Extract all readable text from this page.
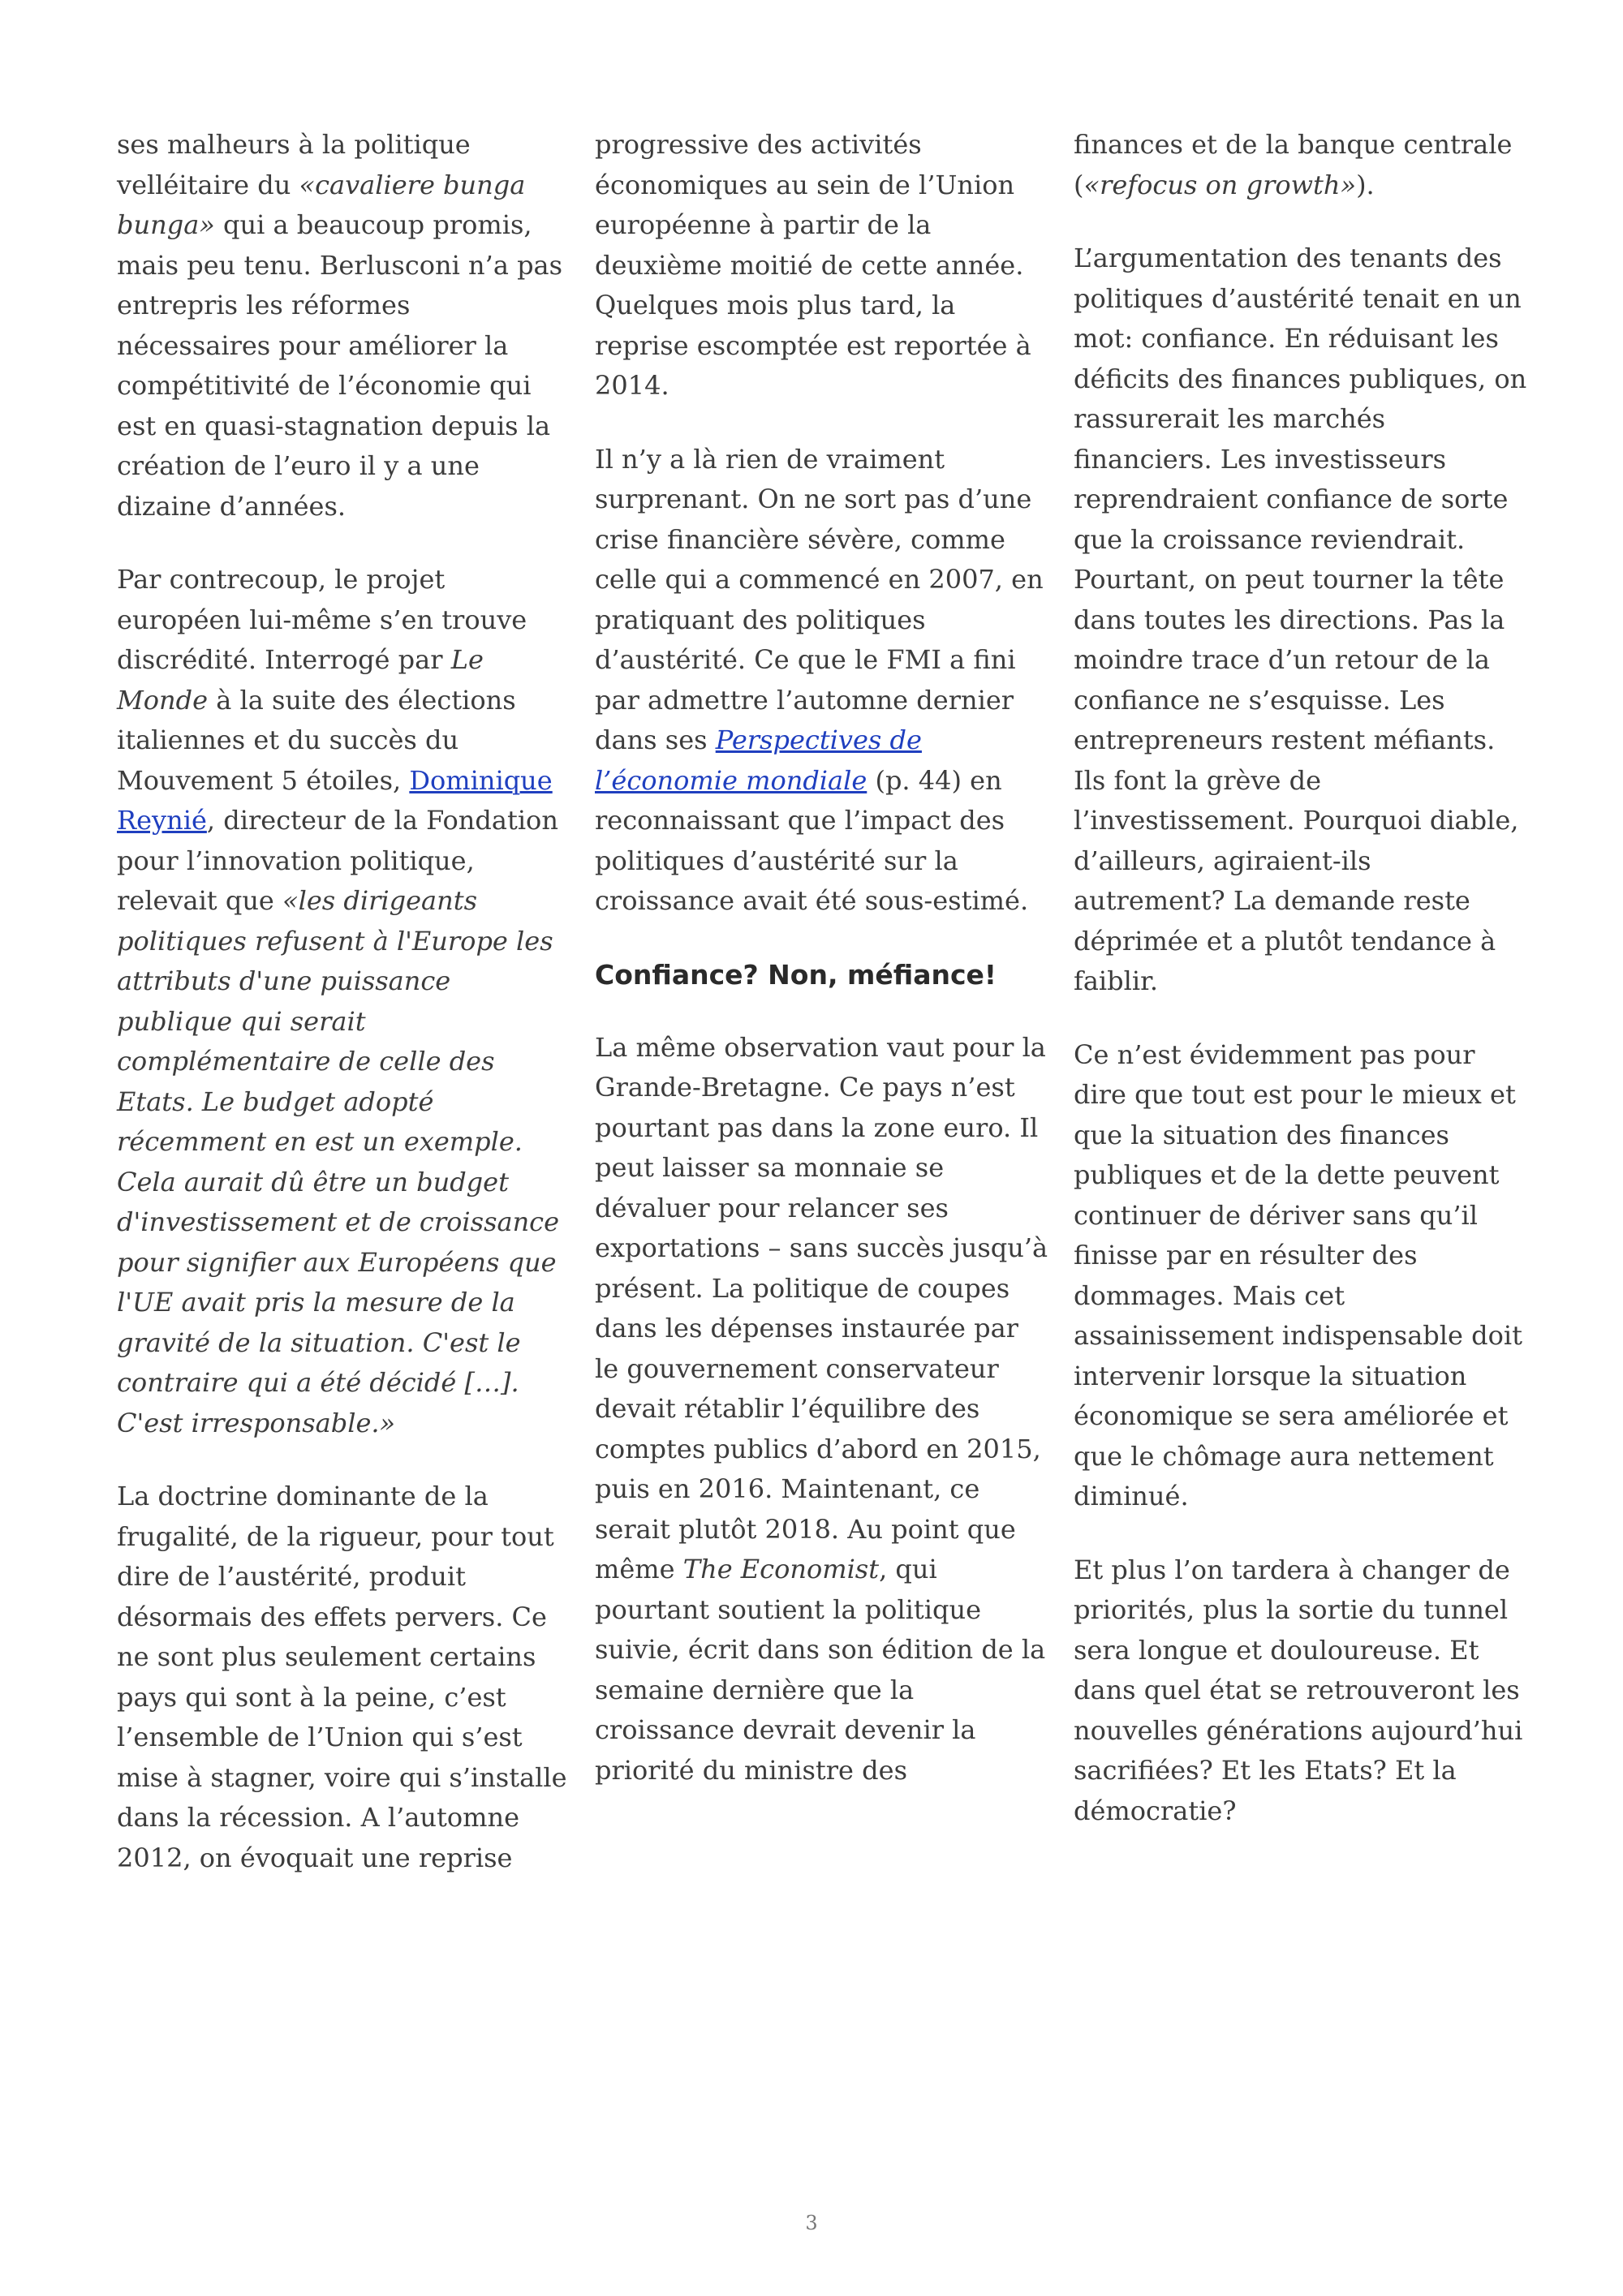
ses malheurs à la politique velléitaire du «cavaliere bunga bunga» qui a beaucoup promis, mais peu tenu. Berlusconi n’a pas entrepris les réformes nécessaires pour améliorer la compétitivité de l’économie qui est en quasi-stagnation depuis la création de l’euro il y a une dizaine d’années.

Par contrecoup, le projet européen lui-même s’en trouve discrédité. Interrogé par Le Monde à la suite des élections italiennes et du succès du Mouvement 5 étoiles, Dominique Reynié, directeur de la Fondation pour l’innovation politique, relevait que «les dirigeants politiques refusent à l'Europe les attributs d'une puissance publique qui serait complémentaire de celle des Etats. Le budget adopté récemment en est un exemple. Cela aurait dû être un budget d'investissement et de croissance pour signifier aux Européens que l'UE avait pris la mesure de la gravité de la situation. C'est le contraire qui a été décidé […]. C'est irresponsable.»

La doctrine dominante de la frugalité, de la rigueur, pour tout dire de l’austérité, produit désormais des effets pervers. Ce ne sont plus seulement certains pays qui sont à la peine, c’est l’ensemble de l’Union qui s’est mise à stagner, voire qui s’installe dans la récession. A l’automne 2012, on évoquait une reprise

progressive des activités économiques au sein de l’Union européenne à partir de la deuxième moitié de cette année. Quelques mois plus tard, la reprise escomptée est reportée à 2014.

Il n’y a là rien de vraiment surprenant. On ne sort pas d’une crise financière sévère, comme celle qui a commencé en 2007, en pratiquant des politiques d’austérité. Ce que le FMI a fini par admettre l’automne dernier dans ses Perspectives de l’économie mondiale (p. 44) en reconnaissant que l’impact des politiques d’austérité sur la croissance avait été sous-estimé.

Confiance? Non, méfiance!

La même observation vaut pour la Grande-Bretagne. Ce pays n’est pourtant pas dans la zone euro. Il peut laisser sa monnaie se dévaluer pour relancer ses exportations – sans succès jusqu’à présent. La politique de coupes dans les dépenses instaurée par le gouvernement conservateur devait rétablir l’équilibre des comptes publics d’abord en 2015, puis en 2016. Maintenant, ce serait plutôt 2018. Au point que même The Economist, qui pourtant soutient la politique suivie, écrit dans son édition de la semaine dernière que la croissance devrait devenir la priorité du ministre des

finances et de la banque centrale («refocus on growth»).

L’argumentation des tenants des politiques d’austérité tenait en un mot: confiance. En réduisant les déficits des finances publiques, on rassurerait les marchés financiers. Les investisseurs reprendraient confiance de sorte que la croissance reviendrait. Pourtant, on peut tourner la tête dans toutes les directions. Pas la moindre trace d’un retour de la confiance ne s’esquisse. Les entrepreneurs restent méfiants. Ils font la grève de l’investissement. Pourquoi diable, d’ailleurs, agiraient-ils autrement? La demande reste déprimée et a plutôt tendance à faiblir.

Ce n’est évidemment pas pour dire que tout est pour le mieux et que la situation des finances publiques et de la dette peuvent continuer de dériver sans qu’il finisse par en résulter des dommages. Mais cet assainissement indispensable doit intervenir lorsque la situation économique se sera améliorée et que le chômage aura nettement diminué.

Et plus l’on tardera à changer de priorités, plus la sortie du tunnel sera longue et douloureuse. Et dans quel état se retrouveront les nouvelles générations aujourd’hui sacrifiées? Et les Etats? Et la démocratie?

3
